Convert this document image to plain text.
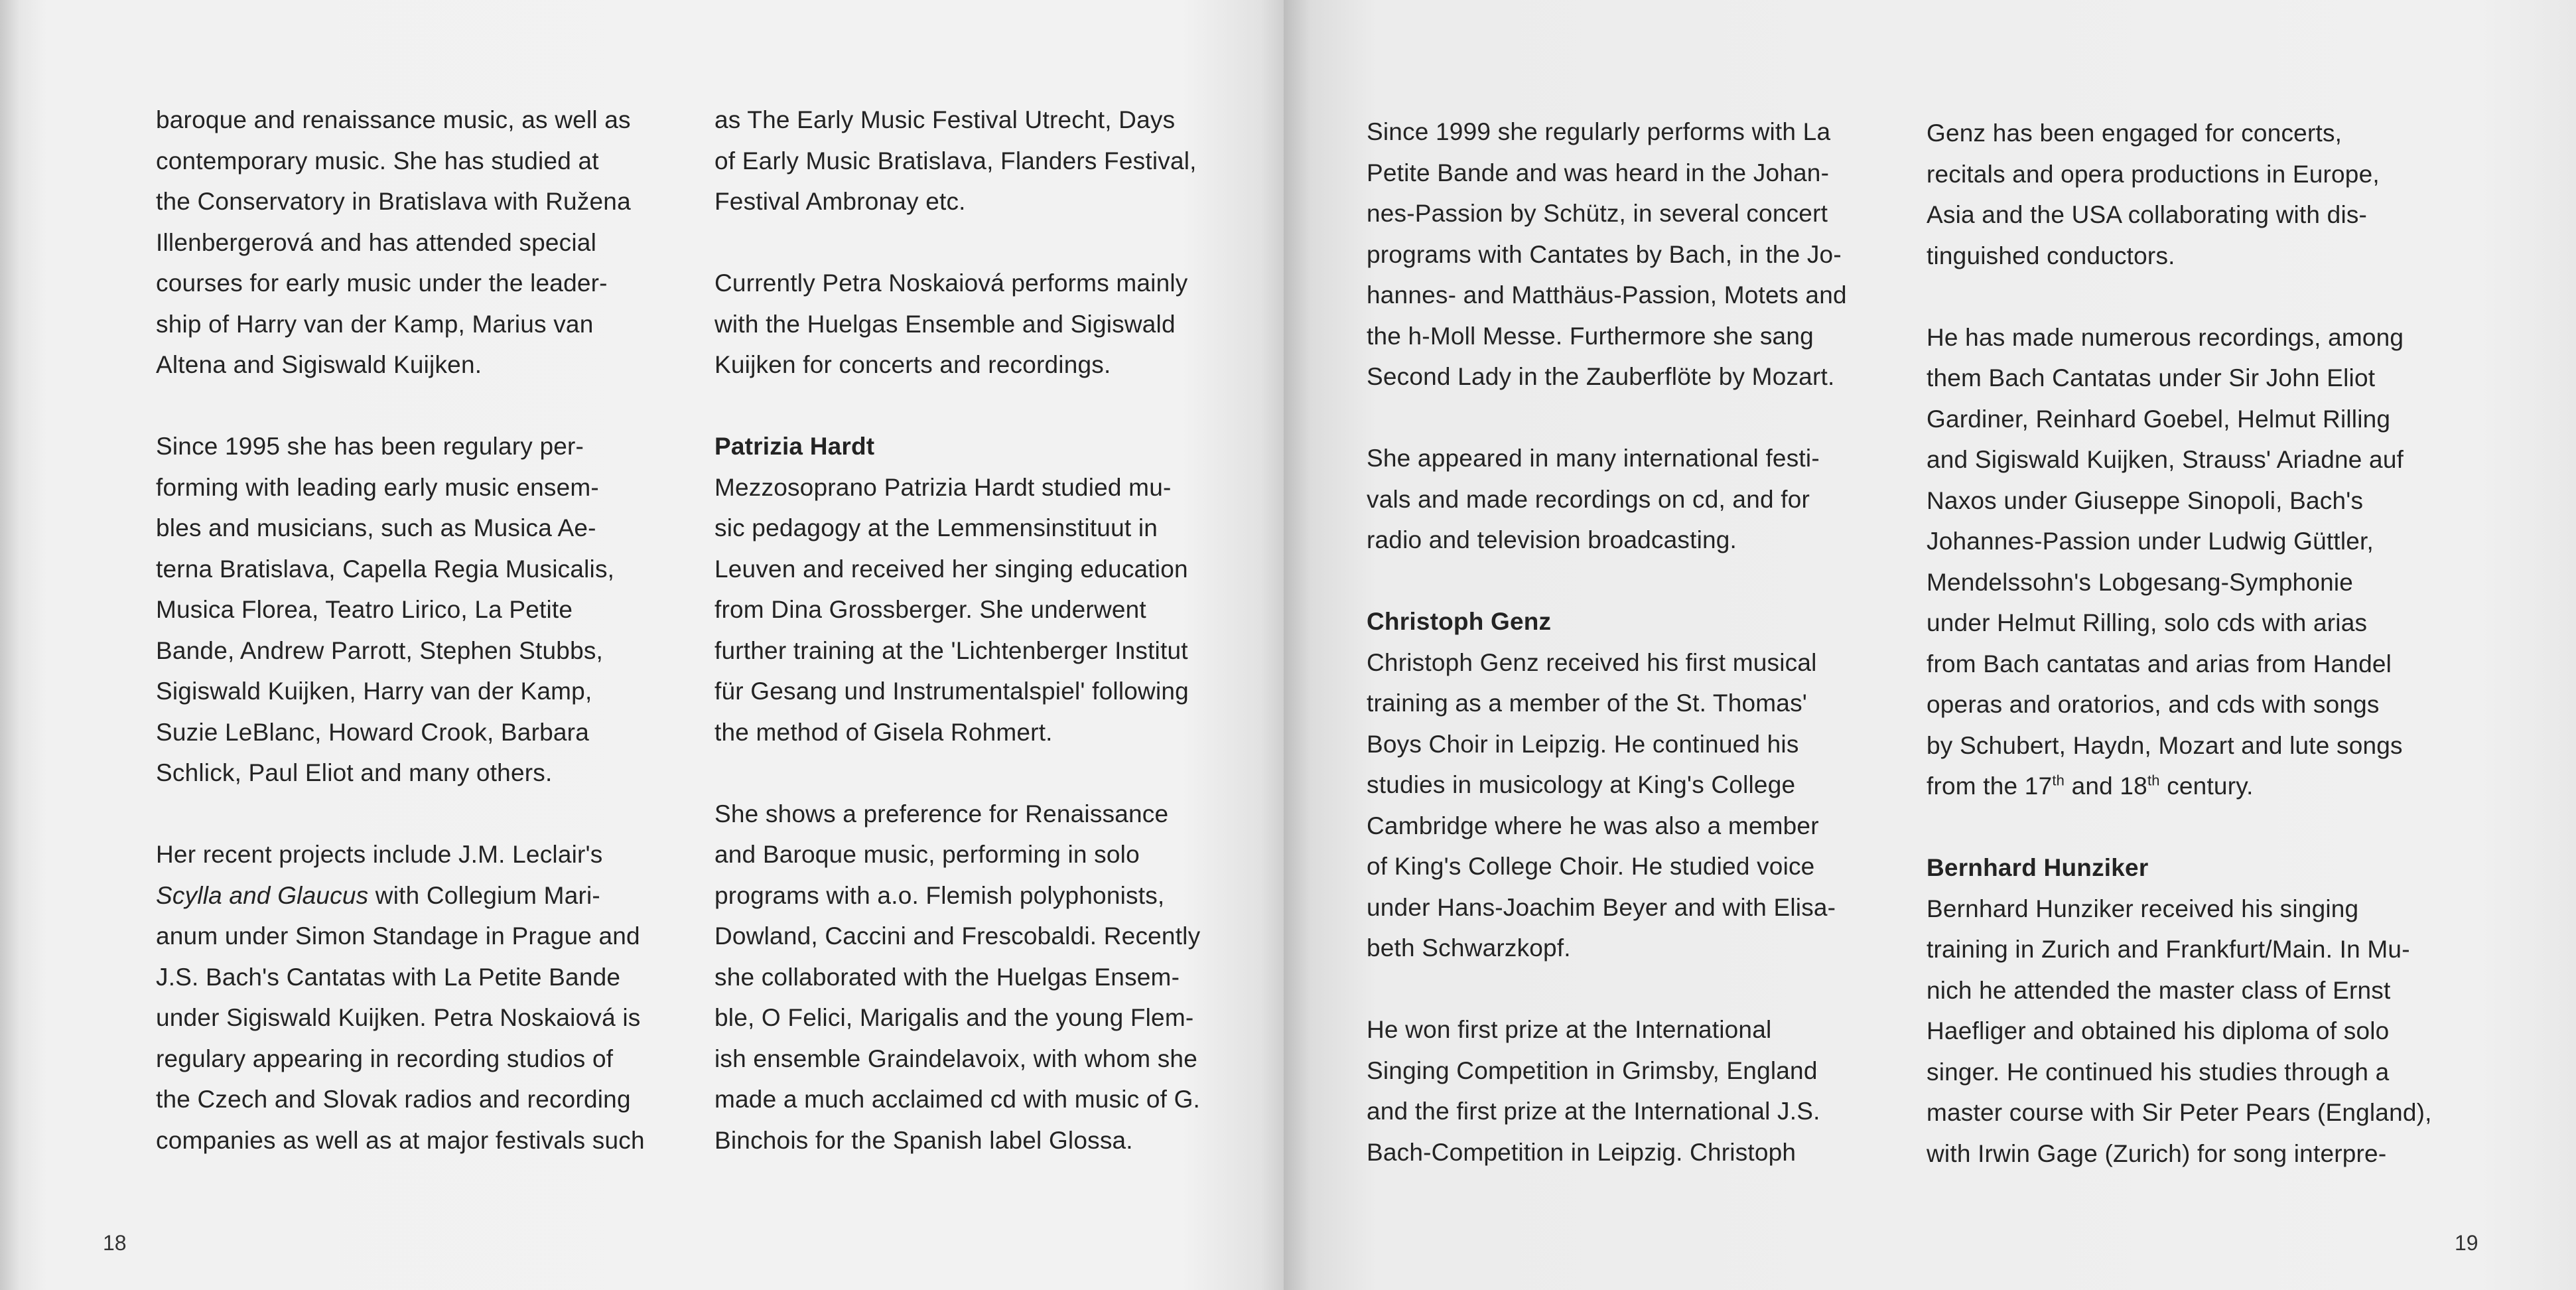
baroque and renaissance music, as well as
contemporary music. She has studied at
the Conservatory in Bratislava with Ružena
Illenbergerová and has attended special
courses for early music under the leader-
ship of Harry van der Kamp, Marius van
Altena and Sigiswald Kuijken.
Since 1995 she has been regulary per-
forming with leading early music ensem-
bles and musicians, such as Musica Ae-
terna Bratislava, Capella Regia Musicalis,
Musica Florea, Teatro Lirico, La Petite
Bande, Andrew Parrott, Stephen Stubbs,
Sigiswald Kuijken, Harry van der Kamp,
Suzie LeBlanc, Howard Crook, Barbara
Schlick, Paul Eliot and many others.
Her recent projects include J.M. Leclair's
Scylla and Glaucus with Collegium Mari-
anum under Simon Standage in Prague and
J.S. Bach's Cantatas with La Petite Bande
under Sigiswald Kuijken. Petra Noskaiová is
regulary appearing in recording studios of
the Czech and Slovak radios and recording
companies as well as at major festivals such
as The Early Music Festival Utrecht, Days
of Early Music Bratislava, Flanders Festival,
Festival Ambronay etc.
Currently Petra Noskaiová performs mainly
with the Huelgas Ensemble and Sigiswald
Kuijken for concerts and recordings.
Patrizia Hardt
Mezzosoprano Patrizia Hardt studied mu-
sic pedagogy at the Lemmensinstituut in
Leuven and received her singing education
from Dina Grossberger. She underwent
further training at the 'Lichtenberger Institut
für Gesang und Instrumentalspiel' following
the method of Gisela Rohmert.
She shows a preference for Renaissance
and Baroque music, performing in solo
programs with a.o. Flemish polyphonists,
Dowland, Caccini and Frescobaldi. Recently
she collaborated with the Huelgas Ensem-
ble, O Felici, Marigalis and the young Flem-
ish ensemble Graindelavoix, with whom she
made a much acclaimed cd with music of G.
Binchois for the Spanish label Glossa.
18
Since 1999 she regularly performs with La
Petite Bande and was heard in the Johan-
nes-Passion by Schütz, in several concert
programs with Cantates by Bach, in the Jo-
hannes- and Matthäus-Passion, Motets and
the h-Moll Messe. Furthermore she sang
Second Lady in the Zauberflöte by Mozart.
She appeared in many international festi-
vals and made recordings on cd, and for
radio and television broadcasting.
Christoph Genz
Christoph Genz received his first musical
training as a member of the St. Thomas'
Boys Choir in Leipzig. He continued his
studies in musicology at King's College
Cambridge where he was also a member
of King's College Choir. He studied voice
under Hans-Joachim Beyer and with Elisa-
beth Schwarzkopf.
He won first prize at the International
Singing Competition in Grimsby, England
and the first prize at the International J.S.
Bach-Competition in Leipzig. Christoph
Genz has been engaged for concerts,
recitals and opera productions in Europe,
Asia and the USA collaborating with dis-
tinguished conductors.
He has made numerous recordings, among
them Bach Cantatas under Sir John Eliot
Gardiner, Reinhard Goebel, Helmut Rilling
and Sigiswald Kuijken, Strauss' Ariadne auf
Naxos under Giuseppe Sinopoli, Bach's
Johannes-Passion under Ludwig Güttler,
Mendelssohn's Lobgesang-Symphonie
under Helmut Rilling, solo cds with arias
from Bach cantatas and arias from Handel
operas and oratorios, and cds with songs
by Schubert, Haydn, Mozart and lute songs
from the 17th and 18th century.
Bernhard Hunziker
Bernhard Hunziker received his singing
training in Zurich and Frankfurt/Main. In Mu-
nich he attended the master class of Ernst
Haefliger and obtained his diploma of solo
singer. He continued his studies through a
master course with Sir Peter Pears (England),
with Irwin Gage (Zurich) for song interpre-
19
